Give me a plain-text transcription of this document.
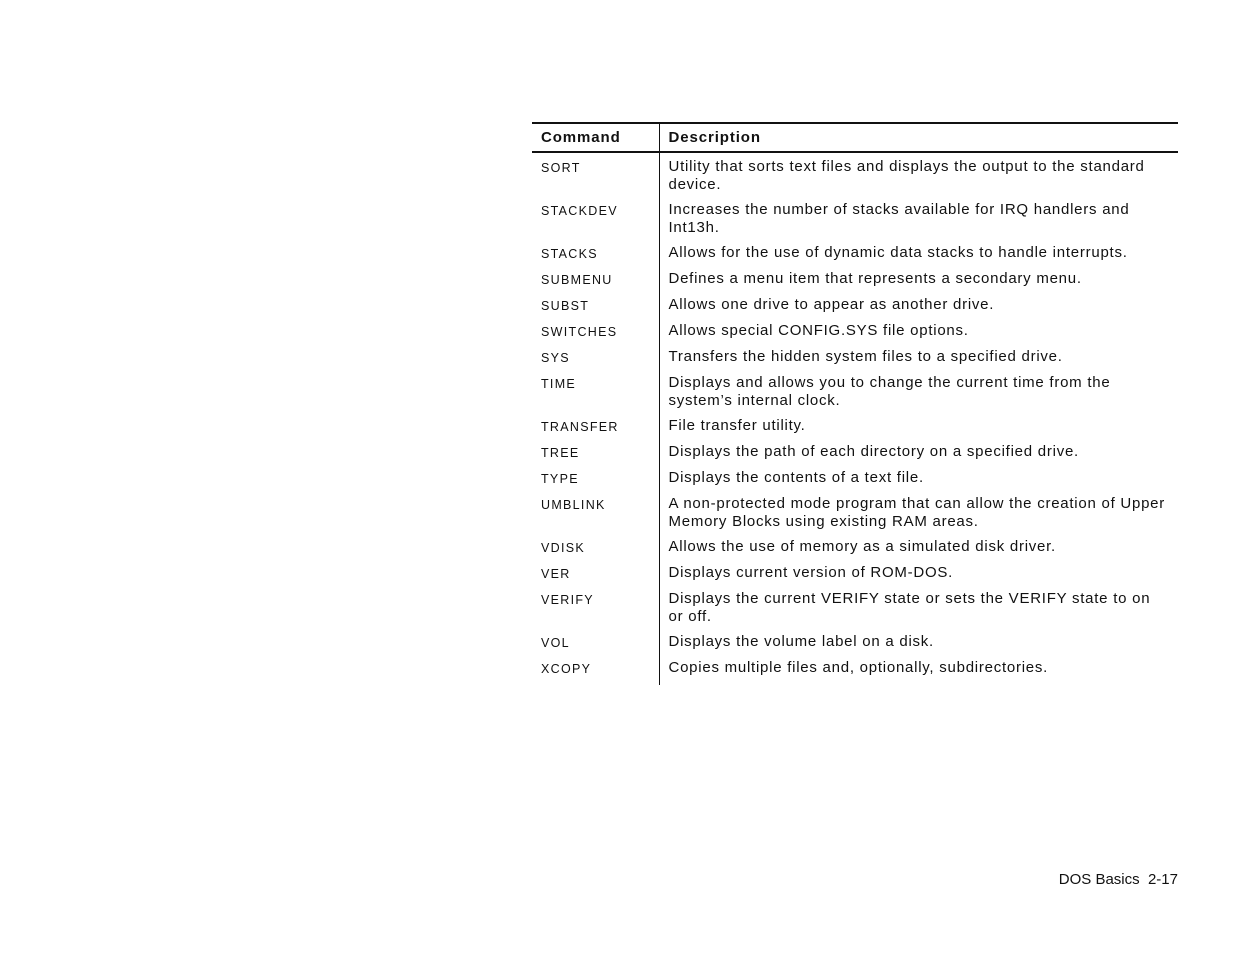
Command	Description
SORT	Utility that sorts text files and displays the output to the standard device.
STACKDEV	Increases the number of stacks available for IRQ handlers and Int13h.
STACKS	Allows for the use of dynamic data stacks to handle interrupts.
SUBMENU	Defines a menu item that represents a secondary menu.
SUBST	Allows one drive to appear as another drive.
SWITCHES	Allows special CONFIG.SYS file options.
SYS	Transfers the hidden system files to a specified drive.
TIME	Displays and allows you to change the current time from the system’s internal clock.
TRANSFER	File transfer utility.
TREE	Displays the path of each directory on a specified drive.
TYPE	Displays the contents of a text file.
UMBLINK	A non-protected mode program that can allow the creation of Upper Memory Blocks using existing RAM areas.
VDISK	Allows the use of memory as a simulated disk driver.
VER	Displays current version of ROM-DOS.
VERIFY	Displays the current VERIFY state or sets the VERIFY state to on or off.
VOL	Displays the volume label on a disk.
XCOPY	Copies multiple files and, optionally, subdirectories.
DOS Basics  2-17
